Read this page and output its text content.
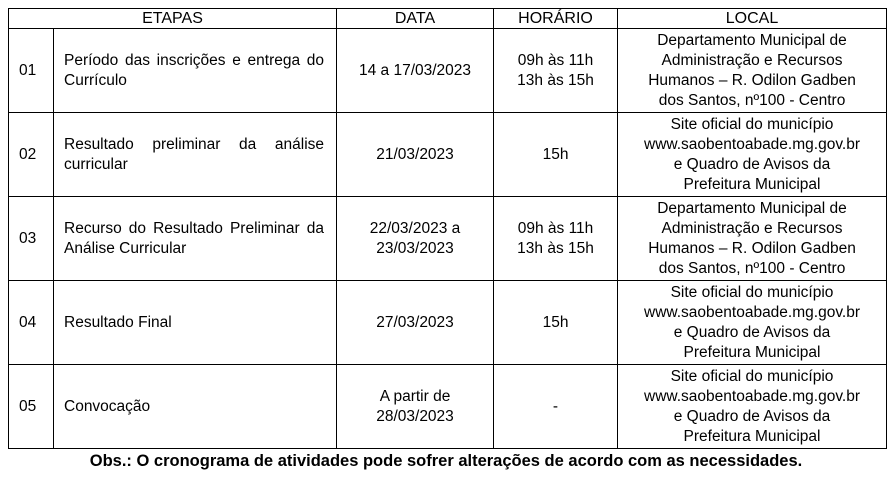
ETAPAS		DATA	HORÁRIO	LOCAL
01	Período das inscrições e entrega do Currículo	14 a 17/03/2023	09h às 11h
13h às 15h	Departamento Municipal de
Administração e Recursos
Humanos – R. Odilon Gadben
dos Santos, nº100 - Centro

02	Resultado preliminar da análise curricular	21/03/2023	15h	Site oficial do município
www.saobentoabade.mg.gov.br
e Quadro de Avisos da
Prefeitura Municipal

03	Recurso do Resultado Preliminar da Análise Curricular	22/03/2023 a
23/03/2023	09h às 11h
13h às 15h	Departamento Municipal de
Administração e Recursos
Humanos – R. Odilon Gadben
dos Santos, nº100 - Centro

04	Resultado Final	27/03/2023	15h	Site oficial do município
www.saobentoabade.mg.gov.br
e Quadro de Avisos da
Prefeitura Municipal

05	Convocação	A partir de
28/03/2023	-	Site oficial do município
www.saobentoabade.mg.gov.br
e Quadro de Avisos da
Prefeitura Municipal
Obs.: O cronograma de atividades pode sofrer alterações de acordo com as necessidades.
